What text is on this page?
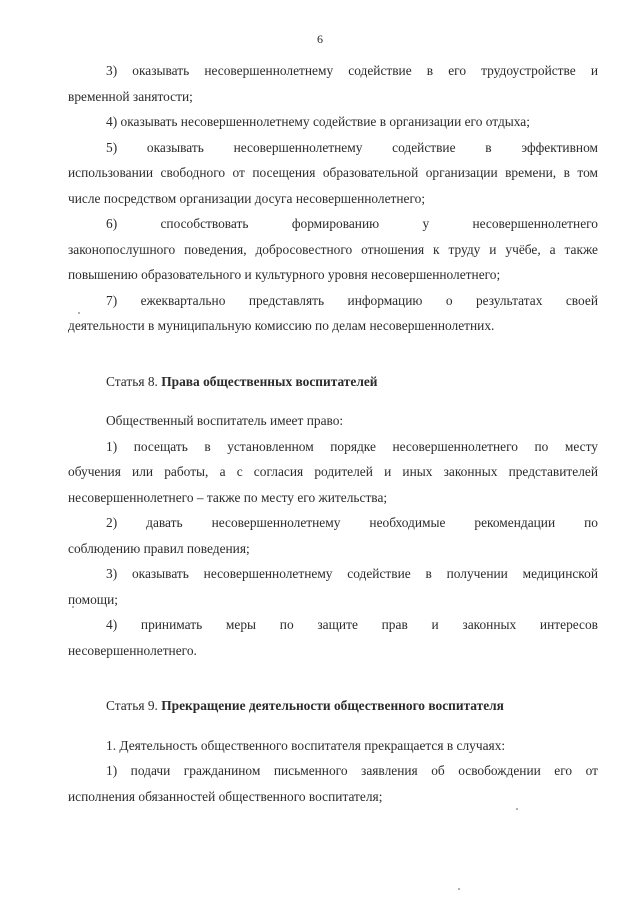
6
3) оказывать несовершеннолетнему содействие в его трудоустройстве и
временной занятости;
4) оказывать несовершеннолетнему содействие в организации его отдыха;
5) оказывать несовершеннолетнему содействие в эффективном
использовании свободного от посещения образовательной организации времени, в том числе посредством организации досуга несовершеннолетнего;
6) способствовать формированию у несовершеннолетнего
законопослушного поведения, добросовестного отношения к труду и учёбе, а также повышению образовательного и культурного уровня несовершеннолетнего;
7) ежеквартально представлять информацию о результатах своей
деятельности в муниципальную комиссию по делам несовершеннолетних.
Статья 8. Права общественных воспитателей
Общественный воспитатель имеет право:
1) посещать в установленном порядке несовершеннолетнего по месту
обучения или работы, а с согласия родителей и иных законных представителей несовершеннолетнего – также по месту его жительства;
2) давать несовершеннолетнему необходимые рекомендации по
соблюдению правил поведения;
3) оказывать несовершеннолетнему содействие в получении медицинской
помощи;
4) принимать меры по защите прав и законных интересов
несовершеннолетнего.
Статья 9. Прекращение деятельности общественного воспитателя
1. Деятельность общественного воспитателя прекращается в случаях:
1) подачи гражданином письменного заявления об освобождении его от
исполнения обязанностей общественного воспитателя;
